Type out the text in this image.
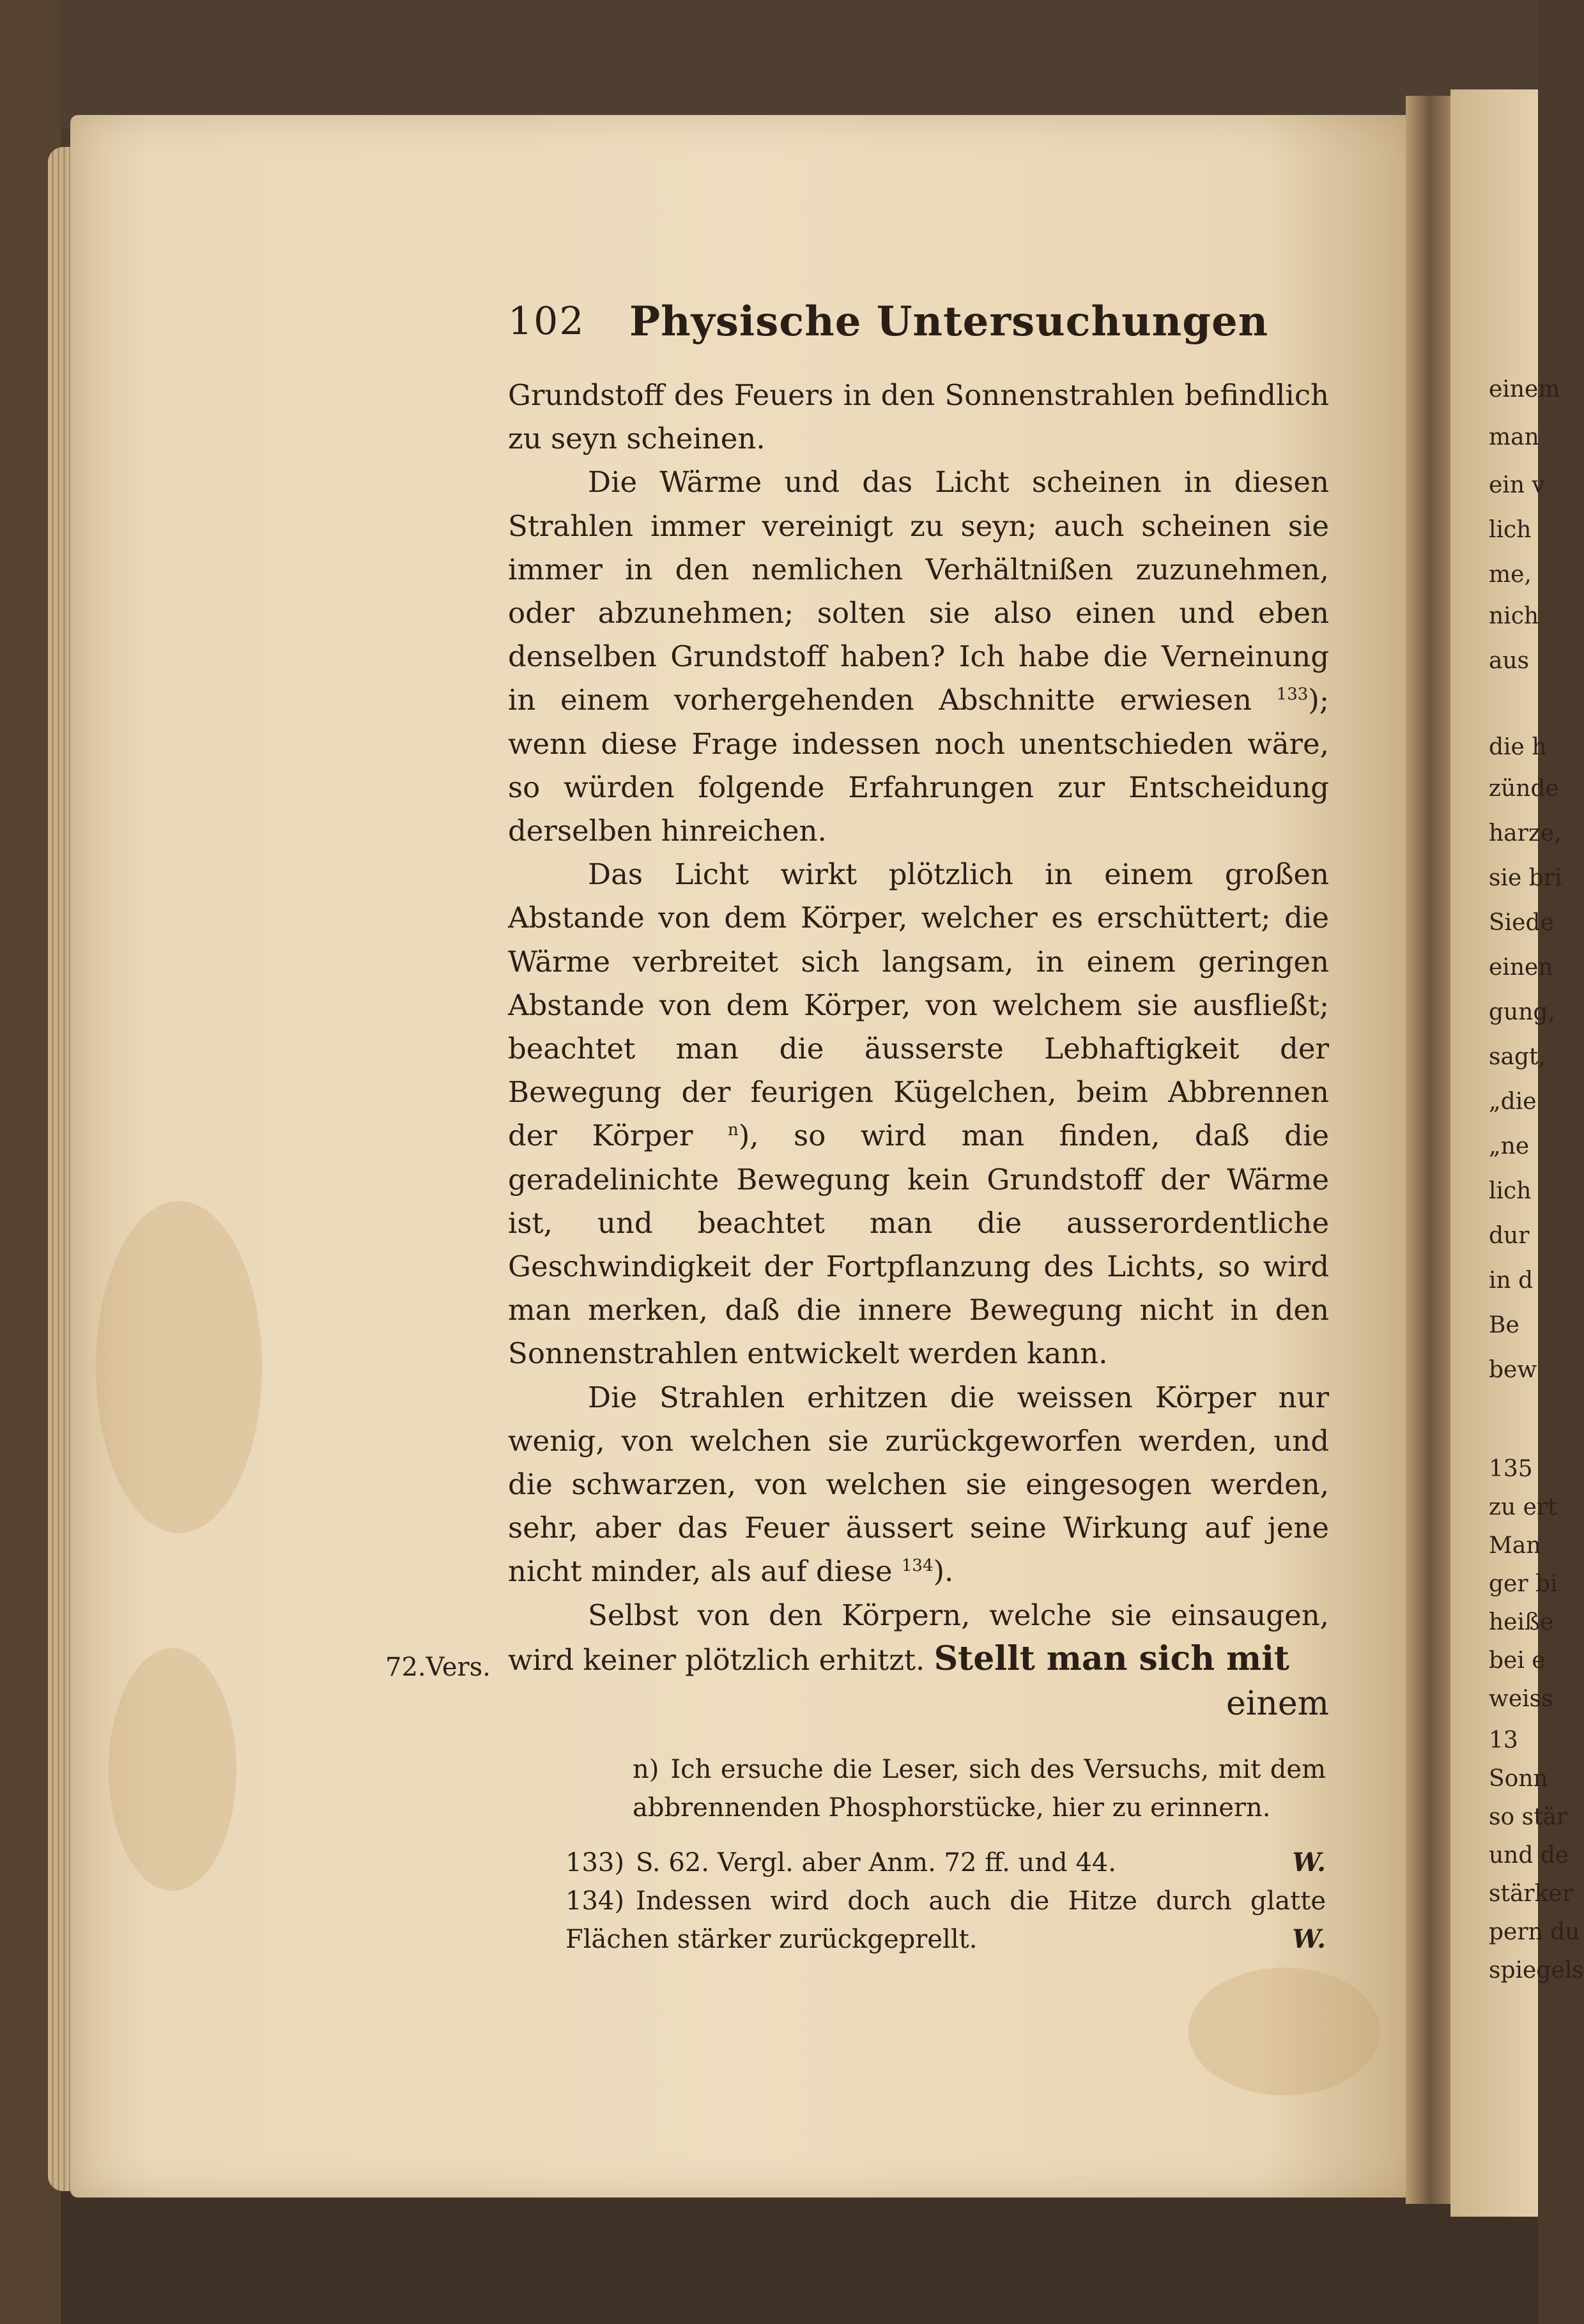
einem
man
ein v
lich
me,
nich
aus
die h
zünde
harze,
sie bri
Siede
einen
gung,
sagt,
„die
„ne
lich
dur
in d
Be
bew
135
zu ert
Man
ger bi
heiße
bei e
weiss
13
Sonn
so stär
und de
stärker
pern du
spiegels
102 Physische Untersuchungen

Grundstoff des Feuers in den Sonnenstrahlen befindlich zu seyn scheinen.

Die Wärme und das Licht scheinen in diesen Strahlen immer vereinigt zu seyn; auch scheinen sie immer in den nemlichen Verhältnißen zuzunehmen, oder abzunehmen; solten sie also einen und eben denselben Grundstoff haben? Ich habe die Verneinung in einem vorhergehenden Abschnitte erwiesen $^{133}$); wenn diese Frage indessen noch unentschieden wäre, so würden folgende Erfahrungen zur Entscheidung derselben hinreichen.

Das Licht wirkt plötzlich in einem großen Abstande von dem Körper, welcher es erschüttert; die Wärme verbreitet sich langsam, in einem geringen Abstande von dem Körper, von welchem sie ausfließt; beachtet man die äusserste Lebhaftigkeit der Bewegung der feurigen Kügelchen, beim Abbrennen der Körper $^n$), so wird man finden, daß die geradelinichte Bewegung kein Grundstoff der Wärme ist, und beachtet man die ausserordentliche Geschwindigkeit der Fortpflanzung des Lichts, so wird man merken, daß die innere Bewegung nicht in den Sonnenstrahlen entwickelt werden kann.

Die Strahlen erhitzen die weissen Körper nur wenig, von welchen sie zurückgeworfen werden, und die schwarzen, von welchen sie eingesogen werden, sehr, aber das Feuer äussert seine Wirkung auf jene nicht minder, als auf diese $^{134}$).

Selbst von den Körpern, welche sie einsaugen, wird keiner plötzlich erhitzt. Stellt man sich mit

einem
72.Vers.
n) Ich ersuche die Leser, sich des Versuchs, mit dem abbrennenden Phosphorstücke, hier zu erinnern.
133) S. 62. Vergl. aber Anm. 72 ff. und 44.	W.
134) Indessen wird doch auch die Hitze durch glatte Flächen stärker zurückgeprellt.	W.
